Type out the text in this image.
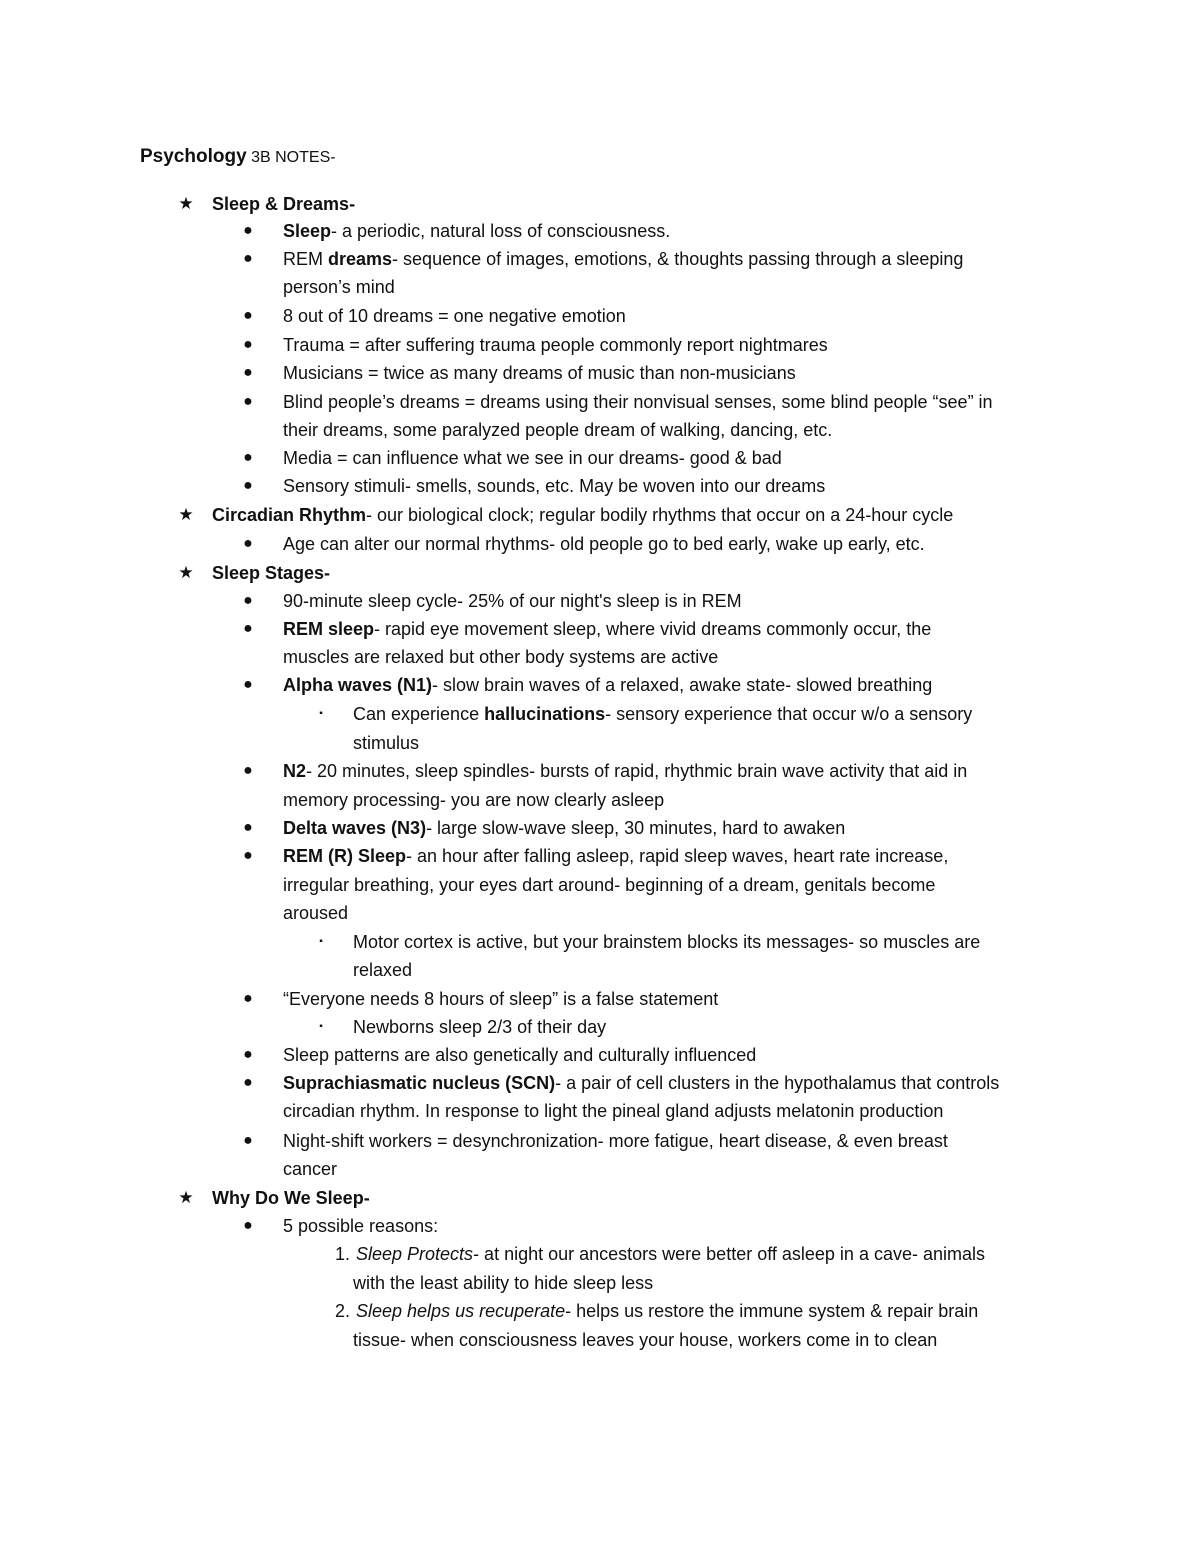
Psychology 3B NOTES-
★ Sleep & Dreams-
● Sleep- a periodic, natural loss of consciousness.
● REM dreams- sequence of images, emotions, & thoughts passing through a sleeping
person’s mind
● 8 out of 10 dreams = one negative emotion
● Trauma = after suffering trauma people commonly report nightmares
● Musicians = twice as many dreams of music than non-musicians
● Blind people’s dreams = dreams using their nonvisual senses, some blind people “see” in
their dreams, some paralyzed people dream of walking, dancing, etc.
● Media = can influence what we see in our dreams- good & bad
● Sensory stimuli- smells, sounds, etc. May be woven into our dreams
★ Circadian Rhythm- our biological clock; regular bodily rhythms that occur on a 24-hour cycle
● Age can alter our normal rhythms- old people go to bed early, wake up early, etc.
★ Sleep Stages-
● 90-minute sleep cycle- 25% of our night's sleep is in REM
● REM sleep- rapid eye movement sleep, where vivid dreams commonly occur, the
muscles are relaxed but other body systems are active
● Alpha waves (N1)- slow brain waves of a relaxed, awake state- slowed breathing
▪ Can experience hallucinations- sensory experience that occur w/o a sensory
stimulus
● N2- 20 minutes, sleep spindles- bursts of rapid, rhythmic brain wave activity that aid in
memory processing- you are now clearly asleep
● Delta waves (N3)- large slow-wave sleep, 30 minutes, hard to awaken
● REM (R) Sleep- an hour after falling asleep, rapid sleep waves, heart rate increase,
irregular breathing, your eyes dart around- beginning of a dream, genitals become
aroused
▪ Motor cortex is active, but your brainstem blocks its messages- so muscles are
relaxed
● “Everyone needs 8 hours of sleep” is a false statement
▪ Newborns sleep 2/3 of their day
● Sleep patterns are also genetically and culturally influenced
● Suprachiasmatic nucleus (SCN)- a pair of cell clusters in the hypothalamus that controls
circadian rhythm. In response to light the pineal gland adjusts melatonin production
● Night-shift workers = desynchronization- more fatigue, heart disease, & even breast
cancer
★ Why Do We Sleep-
● 5 possible reasons:
1. Sleep Protects- at night our ancestors were better off asleep in a cave- animals
with the least ability to hide sleep less
2. Sleep helps us recuperate- helps us restore the immune system & repair brain
tissue- when consciousness leaves your house, workers come in to clean
